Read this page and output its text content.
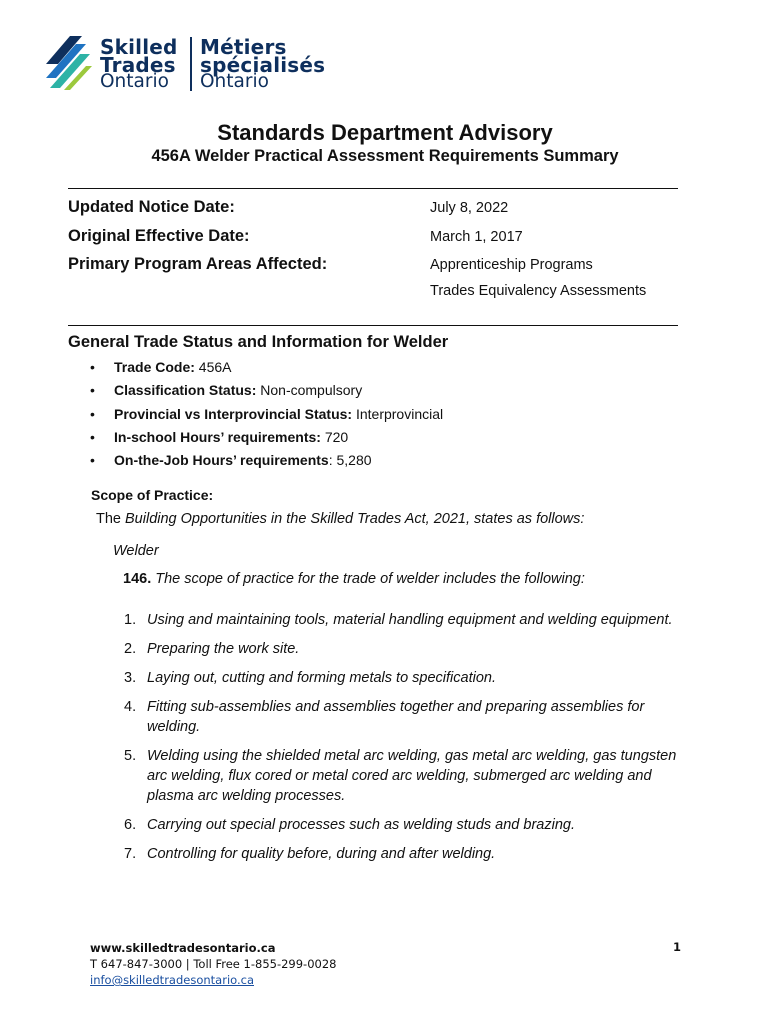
Skilled
Trades
Ontario
Métiers
spécialisés
Ontario
Standards Department Advisory
456A Welder Practical Assessment Requirements Summary
Updated Notice Date:	July 8, 2022
Original Effective Date:	March 1, 2017
Primary Program Areas Affected:	Apprenticeship Programs
Trades Equivalency Assessments
General Trade Status and Information for Welder
• Trade Code: 456A
• Classification Status: Non-compulsory
• Provincial vs Interprovincial Status: Interprovincial
• In-school Hours’ requirements: 720
• On-the-Job Hours’ requirements: 5,280
Scope of Practice:
The Building Opportunities in the Skilled Trades Act, 2021, states as follows:
Welder
146. The scope of practice for the trade of welder includes the following:
1. Using and maintaining tools, material handling equipment and welding equipment.
2. Preparing the work site.
3. Laying out, cutting and forming metals to specification.
4. Fitting sub-assemblies and assemblies together and preparing assemblies for welding.
5. Welding using the shielded metal arc welding, gas metal arc welding, gas tungsten arc welding, flux cored or metal cored arc welding, submerged arc welding and plasma arc welding processes.
6. Carrying out special processes such as welding studs and brazing.
7. Controlling for quality before, during and after welding.
www.skilledtradesontario.ca
T 647-847-3000 | Toll Free 1-855-299-0028
info@skilledtradesontario.ca
1
